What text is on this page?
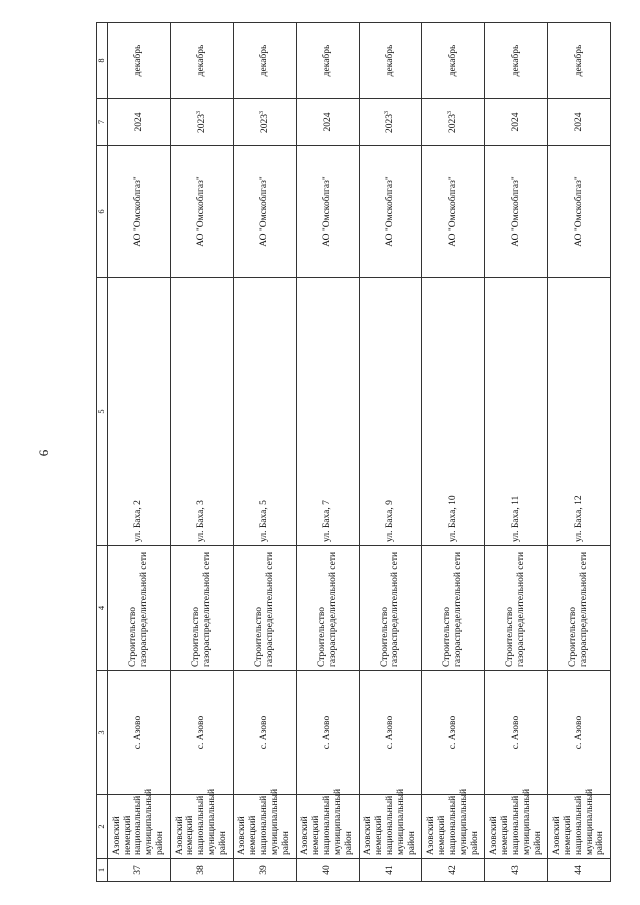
6
1	2	3	4	5	6	7	8
37	Азовский немецкий национальный муниципальный район	с. Азово	Строительство газораспределительной сети	ул. Баха, 2	АО "Омскоблгаз"	2024	декабрь
38	Азовский немецкий национальный муниципальный район	с. Азово	Строительство газораспределительной сети	ул. Баха, 3	АО "Омскоблгаз"	2023$^3$	декабрь
39	Азовский немецкий национальный муниципальный район	с. Азово	Строительство газораспределительной сети	ул. Баха, 5	АО "Омскоблгаз"	2023$^3$	декабрь
40	Азовский немецкий национальный муниципальный район	с. Азово	Строительство газораспределительной сети	ул. Баха, 7	АО "Омскоблгаз"	2024	декабрь
41	Азовский немецкий национальный муниципальный район	с. Азово	Строительство газораспределительной сети	ул. Баха, 9	АО "Омскоблгаз"	2023$^3$	декабрь
42	Азовский немецкий национальный муниципальный район	с. Азово	Строительство газораспределительной сети	ул. Баха, 10	АО "Омскоблгаз"	2023$^3$	декабрь
43	Азовский немецкий национальный муниципальный район	с. Азово	Строительство газораспределительной сети	ул. Баха, 11	АО "Омскоблгаз"	2024	декабрь
44	Азовский немецкий национальный муниципальный район	с. Азово	Строительство газораспределительной сети	ул. Баха, 12	АО "Омскоблгаз"	2024	декабрь
